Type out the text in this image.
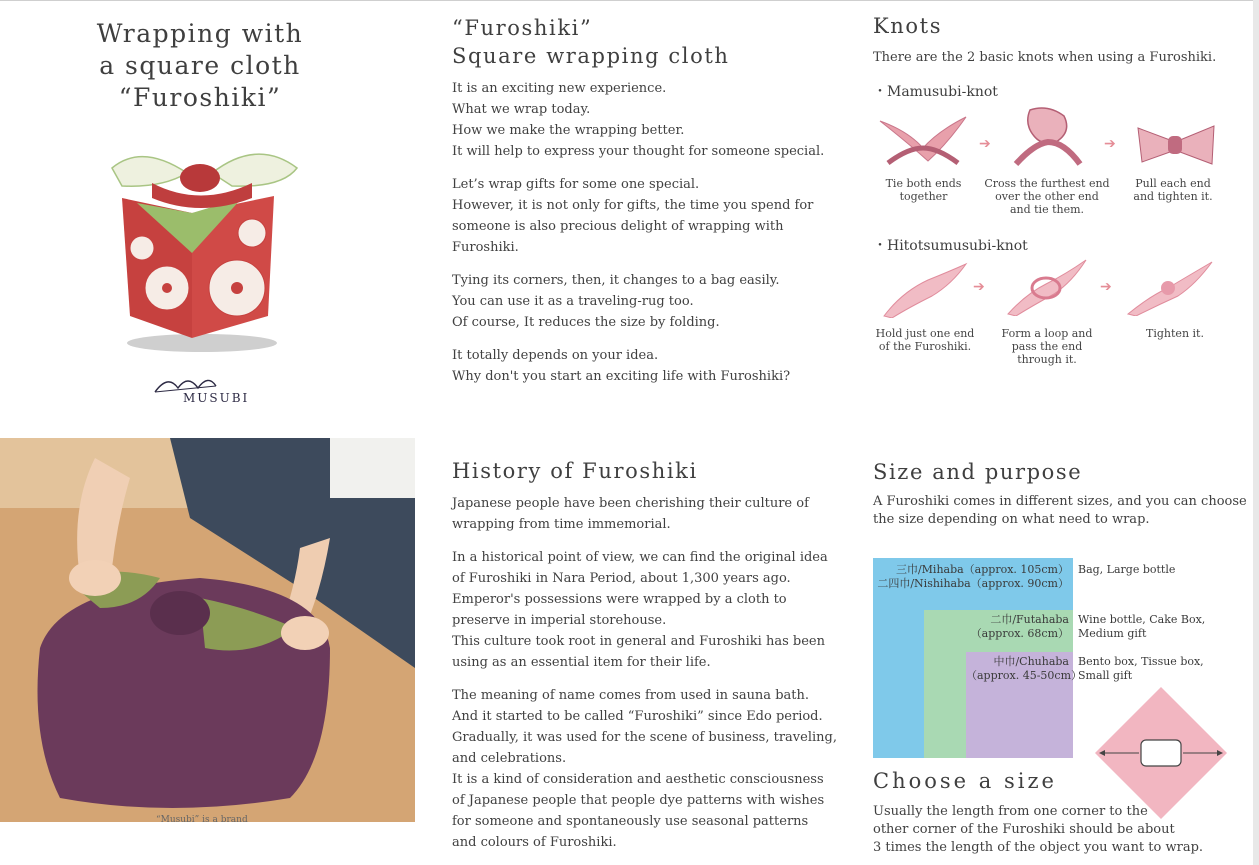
Wrapping with
a square cloth
“Furoshiki”
MUSUBI
“Musubi” is a brand
“Furoshiki”
Square wrapping cloth

It is an exciting new experience.
What we wrap today.
How we make the wrapping better.
It will help to express your thought for someone special.

Let’s wrap gifts for some one special.
However, it is not only for gifts, the time you spend for
someone is also precious delight of wrapping with
Furoshiki.

Tying its corners, then, it changes to a bag easily.
You can use it as a traveling-rug too.
Of course, It reduces the size by folding.

It totally depends on your idea.
Why don't you start an exciting life with Furoshiki?

History of Furoshiki

Japanese people have been cherishing their culture of
wrapping from time immemorial.

In a historical point of view, we can find the original idea
of Furoshiki in Nara Period, about 1,300 years ago.
Emperor's possessions were wrapped by a cloth to
preserve in imperial storehouse.
This culture took root in general and Furoshiki has been
using as an essential item for their life.

The meaning of name comes from used in sauna bath.
And it started to be called “Furoshiki” since Edo period.
Gradually, it was used for the scene of business, traveling,
and celebrations.
It is a kind of consideration and aesthetic consciousness
of Japanese people that people dye patterns with wishes
for someone and spontaneously use seasonal patterns
and colours of Furoshiki.

Knots

There are the 2 basic knots when using a Furoshiki.

・Mamusubi-knot

➔	➔
Tie both ends
together
Cross the furthest end
over the other end
and tie them.
Pull each end
and tighten it.

・Hitotsumusubi-knot

➔	➔
Hold just one end
of the Furoshiki.
Form a loop and
pass the end
through it.
Tighten it.
Size and purpose

A Furoshiki comes in different sizes, and you can choose
the size depending on what need to wrap.

三巾/Mihaba（approx. 105cm）
二四巾/Nishihaba（approx. 90cm）
二巾/Futahaba
（approx. 68cm）
中巾/Chuhaba
（approx. 45-50cm）
Bag, Large bottle
Wine bottle, Cake Box,
Medium gift
Bento box, Tissue box,
Small gift
Choose a size

Usually the length from one corner to the
other corner of the Furoshiki should be about
3 times the length of the object you want to wrap.
